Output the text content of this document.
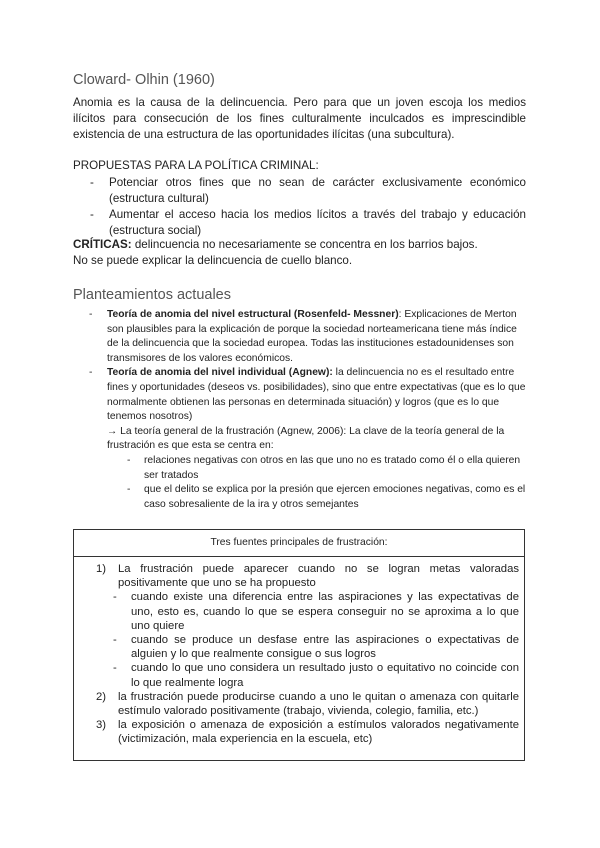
Cloward- Olhin (1960)
Anomia es la causa de la delincuencia. Pero para que un joven escoja los medios ilícitos para consecución de los fines culturalmente inculcados es imprescindible existencia de una estructura de las oportunidades ilícitas (una subcultura).
PROPUESTAS PARA LA POLÍTICA CRIMINAL:
- Potenciar otros fines que no sean de carácter exclusivamente económico (estructura cultural)
- Aumentar el acceso hacia los medios lícitos a través del trabajo y educación (estructura social)
CRÍTICAS: delincuencia no necesariamente se concentra en los barrios bajos.
No se puede explicar la delincuencia de cuello blanco.
Planteamientos actuales
- Teoría de anomia del nivel estructural (Rosenfeld- Messner): Explicaciones de Merton son plausibles para la explicación de porque la sociedad norteamericana tiene más índice de la delincuencia que la sociedad europea. Todas las instituciones estadounidenses son transmisores de los valores económicos.
- Teoría de anomia del nivel individual (Agnew): la delincuencia no es el resultado entre fines y oportunidades (deseos vs. posibilidades), sino que entre expectativas (que es lo que normalmente obtienen las personas en determinada situación) y logros (que es lo que tenemos nosotros)
→ La teoría general de la frustración (Agnew, 2006): La clave de la teoría general de la frustración es que esta se centra en:
- relaciones negativas con otros en las que uno no es tratado como él o ella quieren ser tratados
- que el delito se explica por la presión que ejercen emociones negativas, como es el caso sobresaliente de la ira y otros semejantes
Tres fuentes principales de frustración:
1) La frustración puede aparecer cuando no se logran metas valoradas positivamente que uno se ha propuesto
- cuando existe una diferencia entre las aspiraciones y las expectativas de uno, esto es, cuando lo que se espera conseguir no se aproxima a lo que uno quiere
- cuando se produce un desfase entre las aspiraciones o expectativas de alguien y lo que realmente consigue o sus logros
- cuando lo que uno considera un resultado justo o equitativo no coincide con lo que realmente logra
2) la frustración puede producirse cuando a uno le quitan o amenaza con quitarle estímulo valorado positivamente (trabajo, vivienda, colegio, familia, etc.)
3) la exposición o amenaza de exposición a estímulos valorados negativamente (victimización, mala experiencia en la escuela, etc)
